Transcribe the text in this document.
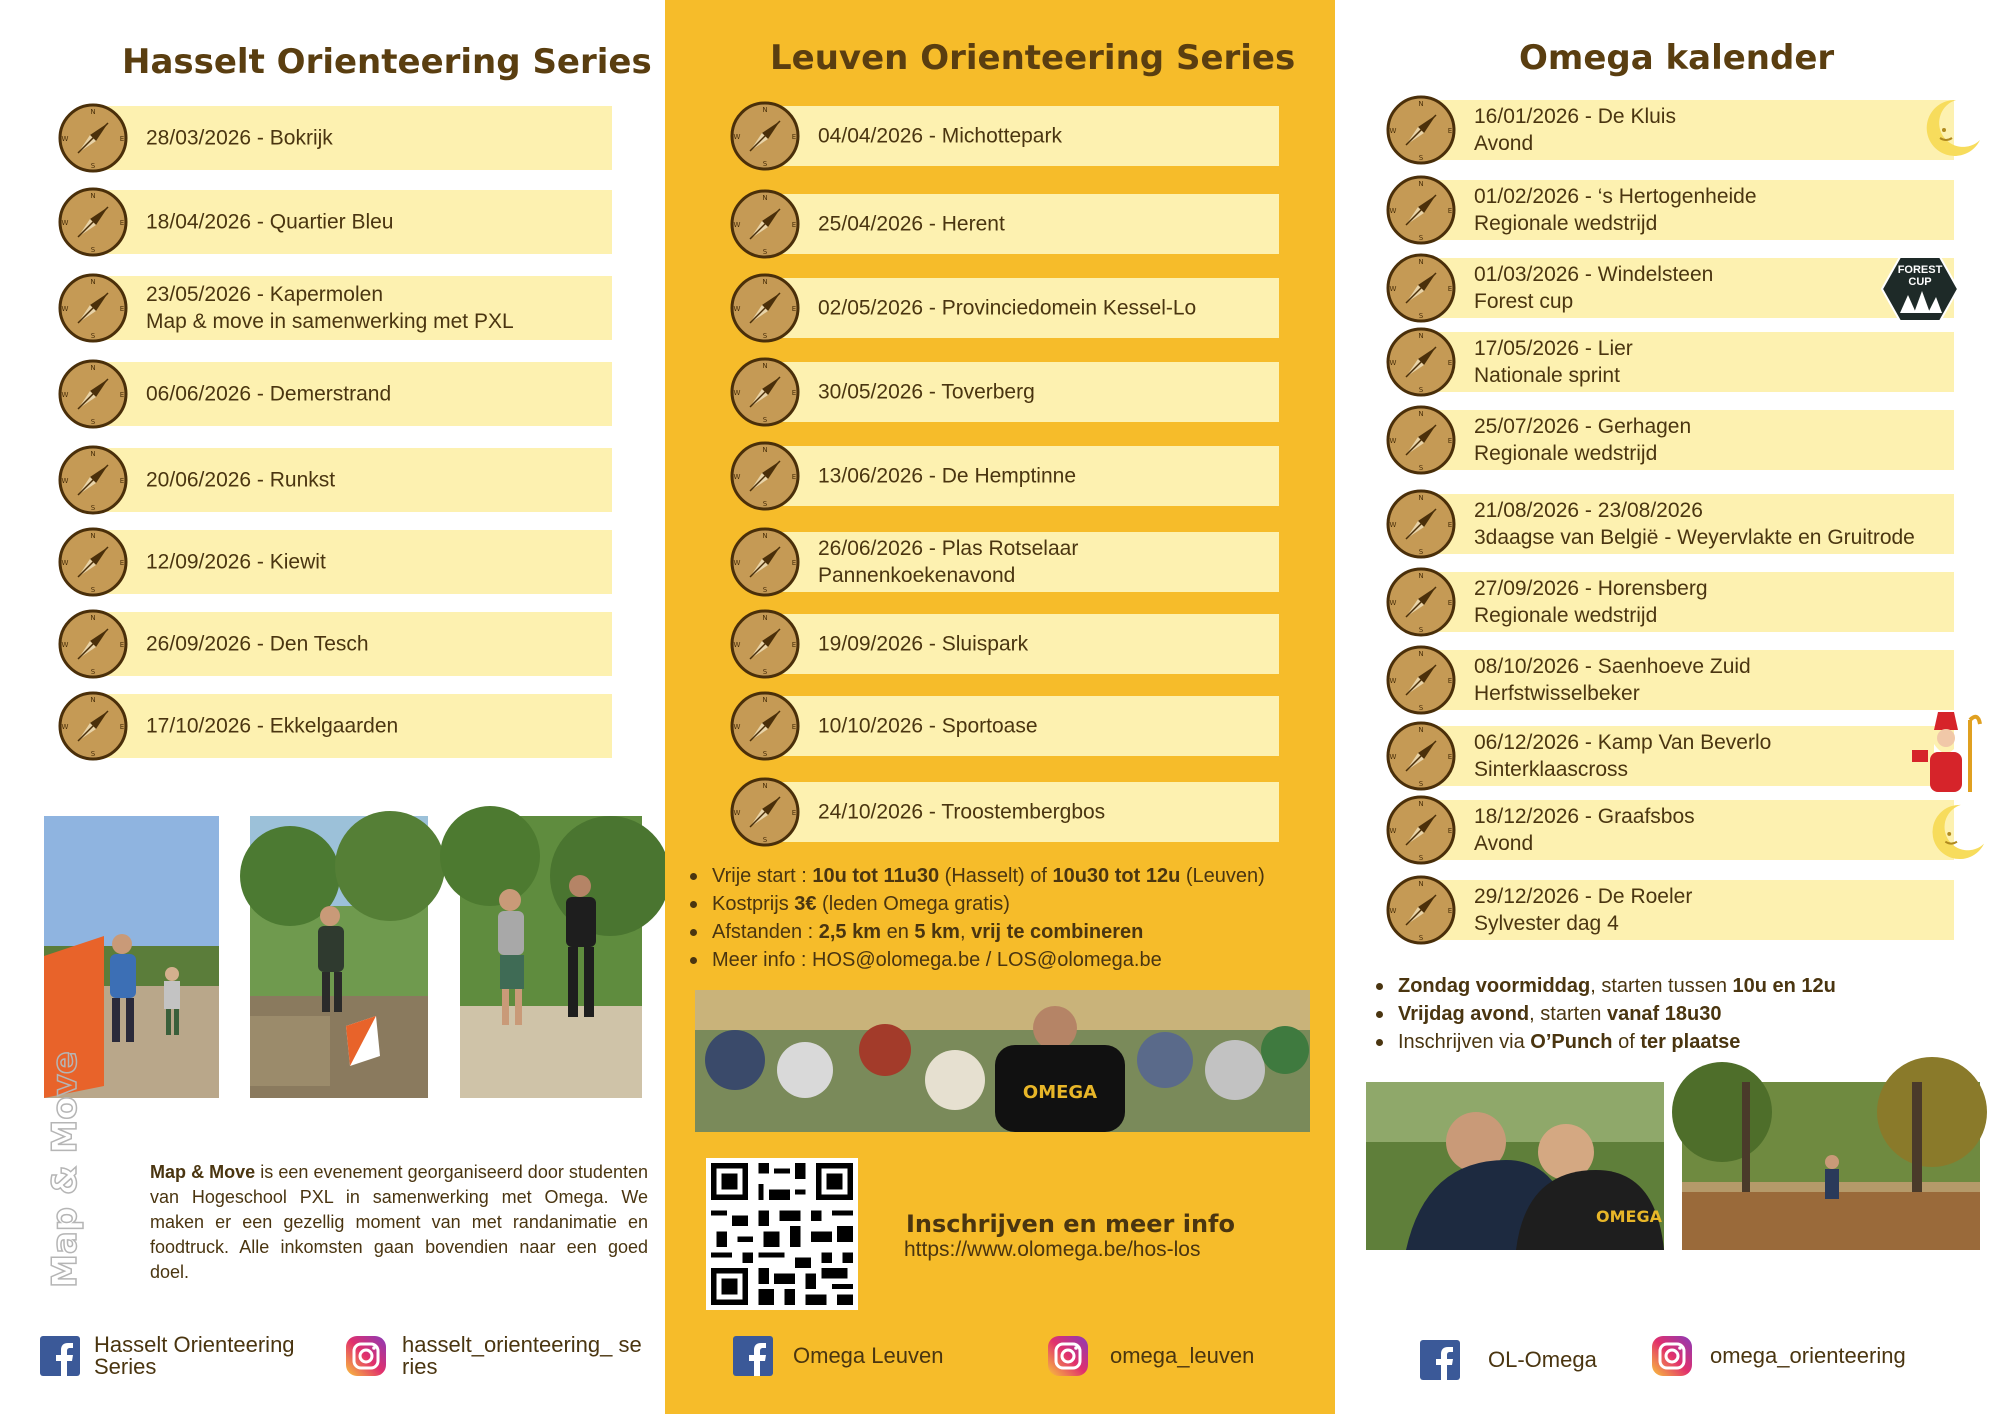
Hasselt Orienteering Series
N
E
S
W	28/03/2026 - Bokrijk
N
E
S
W	18/04/2026 - Quartier Bleu
N
E
S
W
23/05/2026 - Kapermolen
Map & move in samenwerking met PXL
N
E
S
W	06/06/2026 - Demerstrand
N
E
S
W	20/06/2026 - Runkst
N
E
S
W	12/09/2026 - Kiewit
N
E
S
W	26/09/2026 - Den Tesch
N
E
S
W	17/10/2026 - Ekkelgaarden
Map & Move	Map & Move is een evenement georganiseerd door studenten van Hogeschool PXL in samenwerking met Omega. We maken er een gezellig moment van met randanimatie en foodtruck. Alle inkomsten gaan bovendien naar een goed doel.
Hasselt Orienteering Series
hasselt_orienteering_ series
Leuven Orienteering Series
N
E
S
W	04/04/2026 - Michottepark
N
E
S
W	25/04/2026 - Herent
N
E
S
W	02/05/2026 - Provinciedomein Kessel-Lo
N
E
S
W	30/05/2026 - Toverberg
N
E
S
W	13/06/2026 - De Hemptinne
N
E
S
W
26/06/2026 - Plas Rotselaar
Pannenkoekenavond
N
E
S
W	19/09/2026 - Sluispark
N
E
S
W	10/10/2026 - Sportoase
N
E
S
W	24/10/2026 - Troostembergbos
Vrije start : 10u tot 11u30 (Hasselt) of 10u30 tot 12u (Leuven)
Kostprijs 3€ (leden Omega gratis)
Afstanden : 2,5 km en 5 km, vrij te combineren
Meer info : HOS@olomega.be / LOS@olomega.be
OMEGA
Inschrijven en meer info
https://www.olomega.be/hos-los
Omega Leuven	omega_leuven
Omega kalender
N
E
S
W
16/01/2026 - De Kluis
Avond
N
E
S
W
01/02/2026 - ‘s Hertogenheide
Regionale wedstrijd
N
E
S
W
01/03/2026 - Windelsteen
Forest cup
N
E
S
W
17/05/2026 - Lier
Nationale sprint
N
E
S
W
25/07/2026 - Gerhagen
Regionale wedstrijd
N
E
S
W
21/08/2026 - 23/08/2026
3daagse van België - Weyervlakte en Gruitrode
N
E
S
W
27/09/2026 - Horensberg
Regionale wedstrijd
N
E
S
W
08/10/2026 - Saenhoeve Zuid
Herfstwisselbeker
N
E
S
W
06/12/2026 - Kamp Van Beverlo
Sinterklaascross
N
E
S
W
18/12/2026 - Graafsbos
Avond
N
E
S
W
29/12/2026 - De Roeler
Sylvester dag 4
FOREST CUP
Zondag voormiddag, starten tussen 10u en 12u
Vrijdag avond, starten vanaf 18u30
Inschrijven via O’Punch of ter plaatse
OMEGA
OL-Omega	omega_orienteering
